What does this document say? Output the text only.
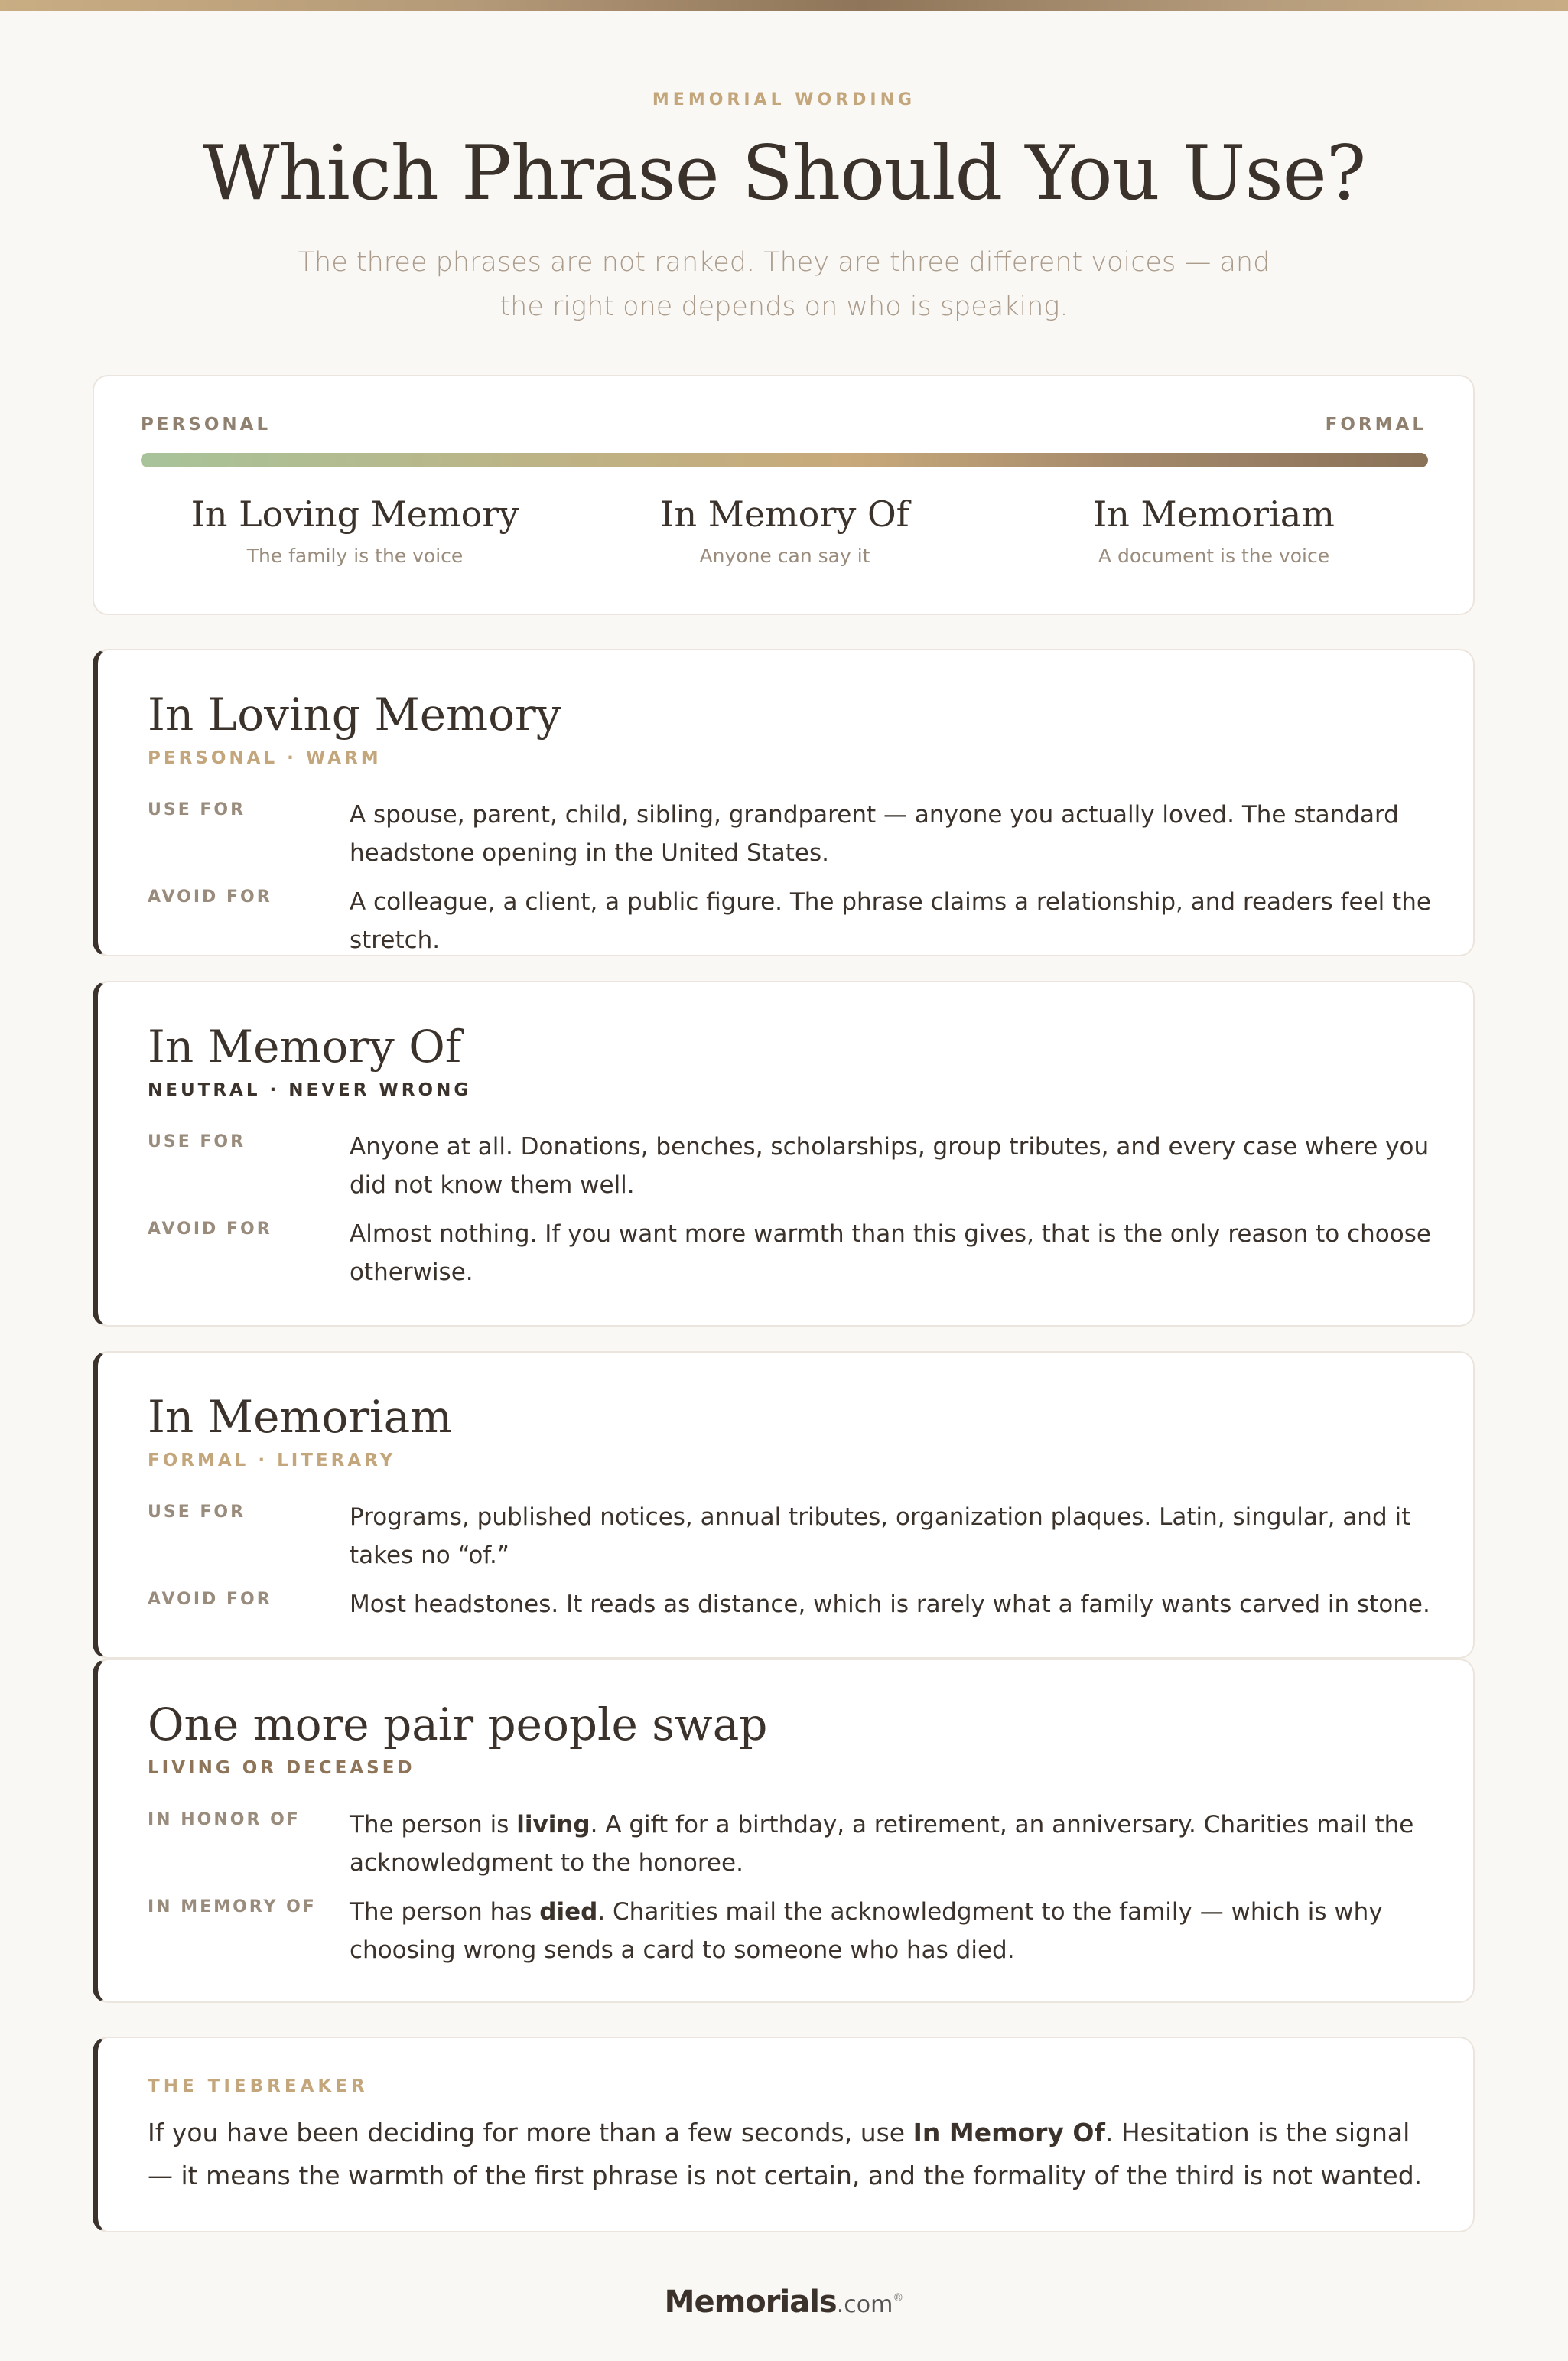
MEMORIAL WORDING
Which Phrase Should You Use?

The three phrases are not ranked. They are three different voices — and the right one depends on who is speaking.

PERSONAL	FORMAL
In Loving Memory
The family is the voice
In Memory Of
Anyone can say it
In Memoriam
A document is the voice
In Loving Memory
PERSONAL · WARM
USE FOR	A spouse, parent, child, sibling, grandparent — anyone you actually loved. The standard headstone opening in the United States.
AVOID FOR	A colleague, a client, a public figure. The phrase claims a relationship, and readers feel the stretch.
In Memory Of
NEUTRAL · NEVER WRONG
USE FOR	Anyone at all. Donations, benches, scholarships, group tributes, and every case where you did not know them well.
AVOID FOR	Almost nothing. If you want more warmth than this gives, that is the only reason to choose otherwise.
In Memoriam
FORMAL · LITERARY
USE FOR	Programs, published notices, annual tributes, organization plaques. Latin, singular, and it takes no “of.”
AVOID FOR	Most headstones. It reads as distance, which is rarely what a family wants carved in stone.
One more pair people swap
LIVING OR DECEASED
IN HONOR OF	The person is living. A gift for a birthday, a retirement, an anniversary. Charities mail the acknowledgment to the honoree.
IN MEMORY OF	The person has died. Charities mail the acknowledgment to the family — which is why choosing wrong sends a card to someone who has died.
THE TIEBREAKER
If you have been deciding for more than a few seconds, use In Memory Of. Hesitation is the signal — it means the warmth of the first phrase is not certain, and the formality of the third is not wanted.
Memorials.com®
